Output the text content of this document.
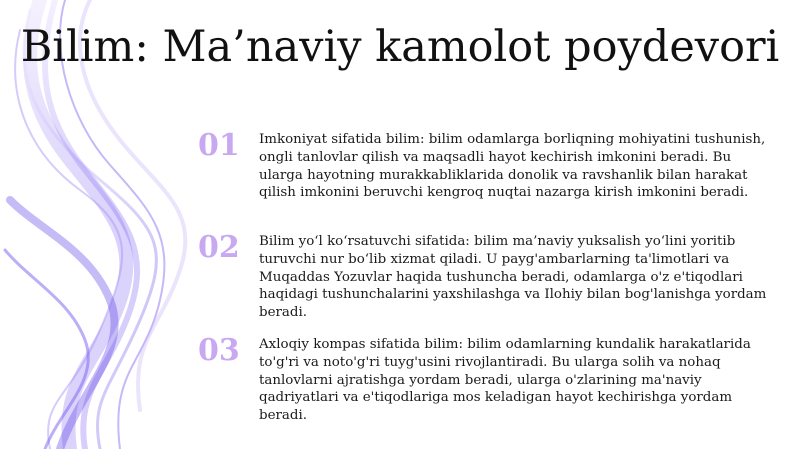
Bilim: Ma’naviy kamolot poydevori
01	Imkoniyat sifatida bilim: bilim odamlarga borliqning mohiyatini tushunish, ongli tanlovlar qilish va maqsadli hayot kechirish imkonini beradi. Bu ularga hayotning murakkabliklarida donolik va ravshanlik bilan harakat qilish imkonini beruvchi kengroq nuqtai nazarga kirish imkonini beradi.
02	Bilim yo‘l ko‘rsatuvchi sifatida: bilim ma’naviy yuksalish yo‘lini yoritib turuvchi nur bo‘lib xizmat qiladi. U payg'ambarlarning ta'limotlari va Muqaddas Yozuvlar haqida tushuncha beradi, odamlarga o'z e'tiqodlari haqidagi tushunchalarini yaxshilashga va Ilohiy bilan bog'lanishga yordam beradi.
03	Axloqiy kompas sifatida bilim: bilim odamlarning kundalik harakatlarida to'g'ri va noto'g'ri tuyg'usini rivojlantiradi. Bu ularga solih va nohaq tanlovlarni ajratishga yordam beradi, ularga o'zlarining ma'naviy qadriyatlari va e'tiqodlariga mos keladigan hayot kechirishga yordam beradi.
